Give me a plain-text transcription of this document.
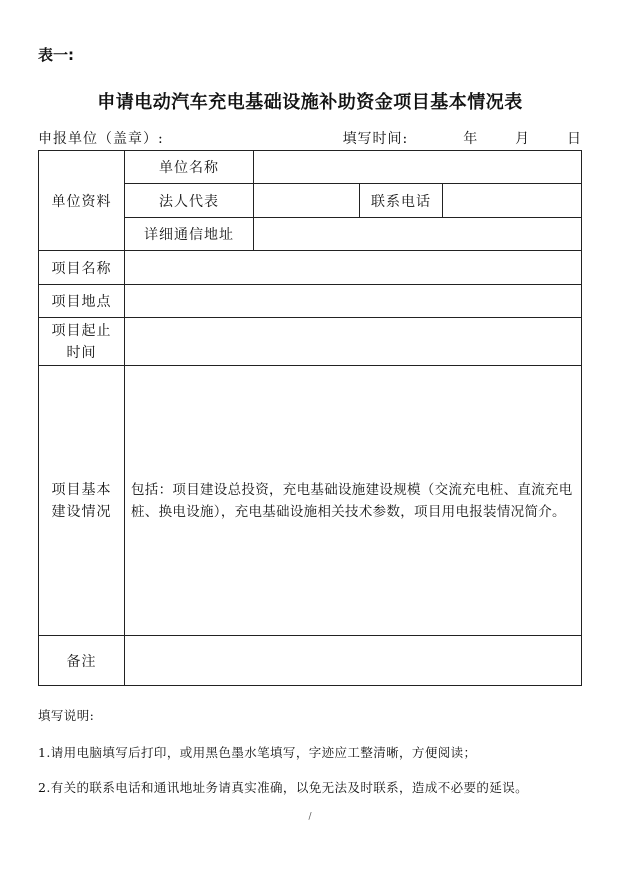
表一:
申请电动汽车充电基础设施补助资金项目基本情况表
申报单位（盖章）:	填写时间:	年	月	日
单位资料	单位名称			
	法人代表		联系电话	
	详细通信地址			
项目名称				
项目地点				

项目起止
时间				

项目基本
建设情况	包括：项目建设总投资，充电基础设施建设规模（交流充电桩、直流充电桩、换电设施），充电基础设施相关技术参数，项目用电报装情况简介。			

备注				
填写说明:
1.请用电脑填写后打印，或用黑色墨水笔填写，字迹应工整清晰，方便阅读；
2.有关的联系电话和通讯地址务请真实准确，以免无法及时联系，造成不必要的延误。
/
